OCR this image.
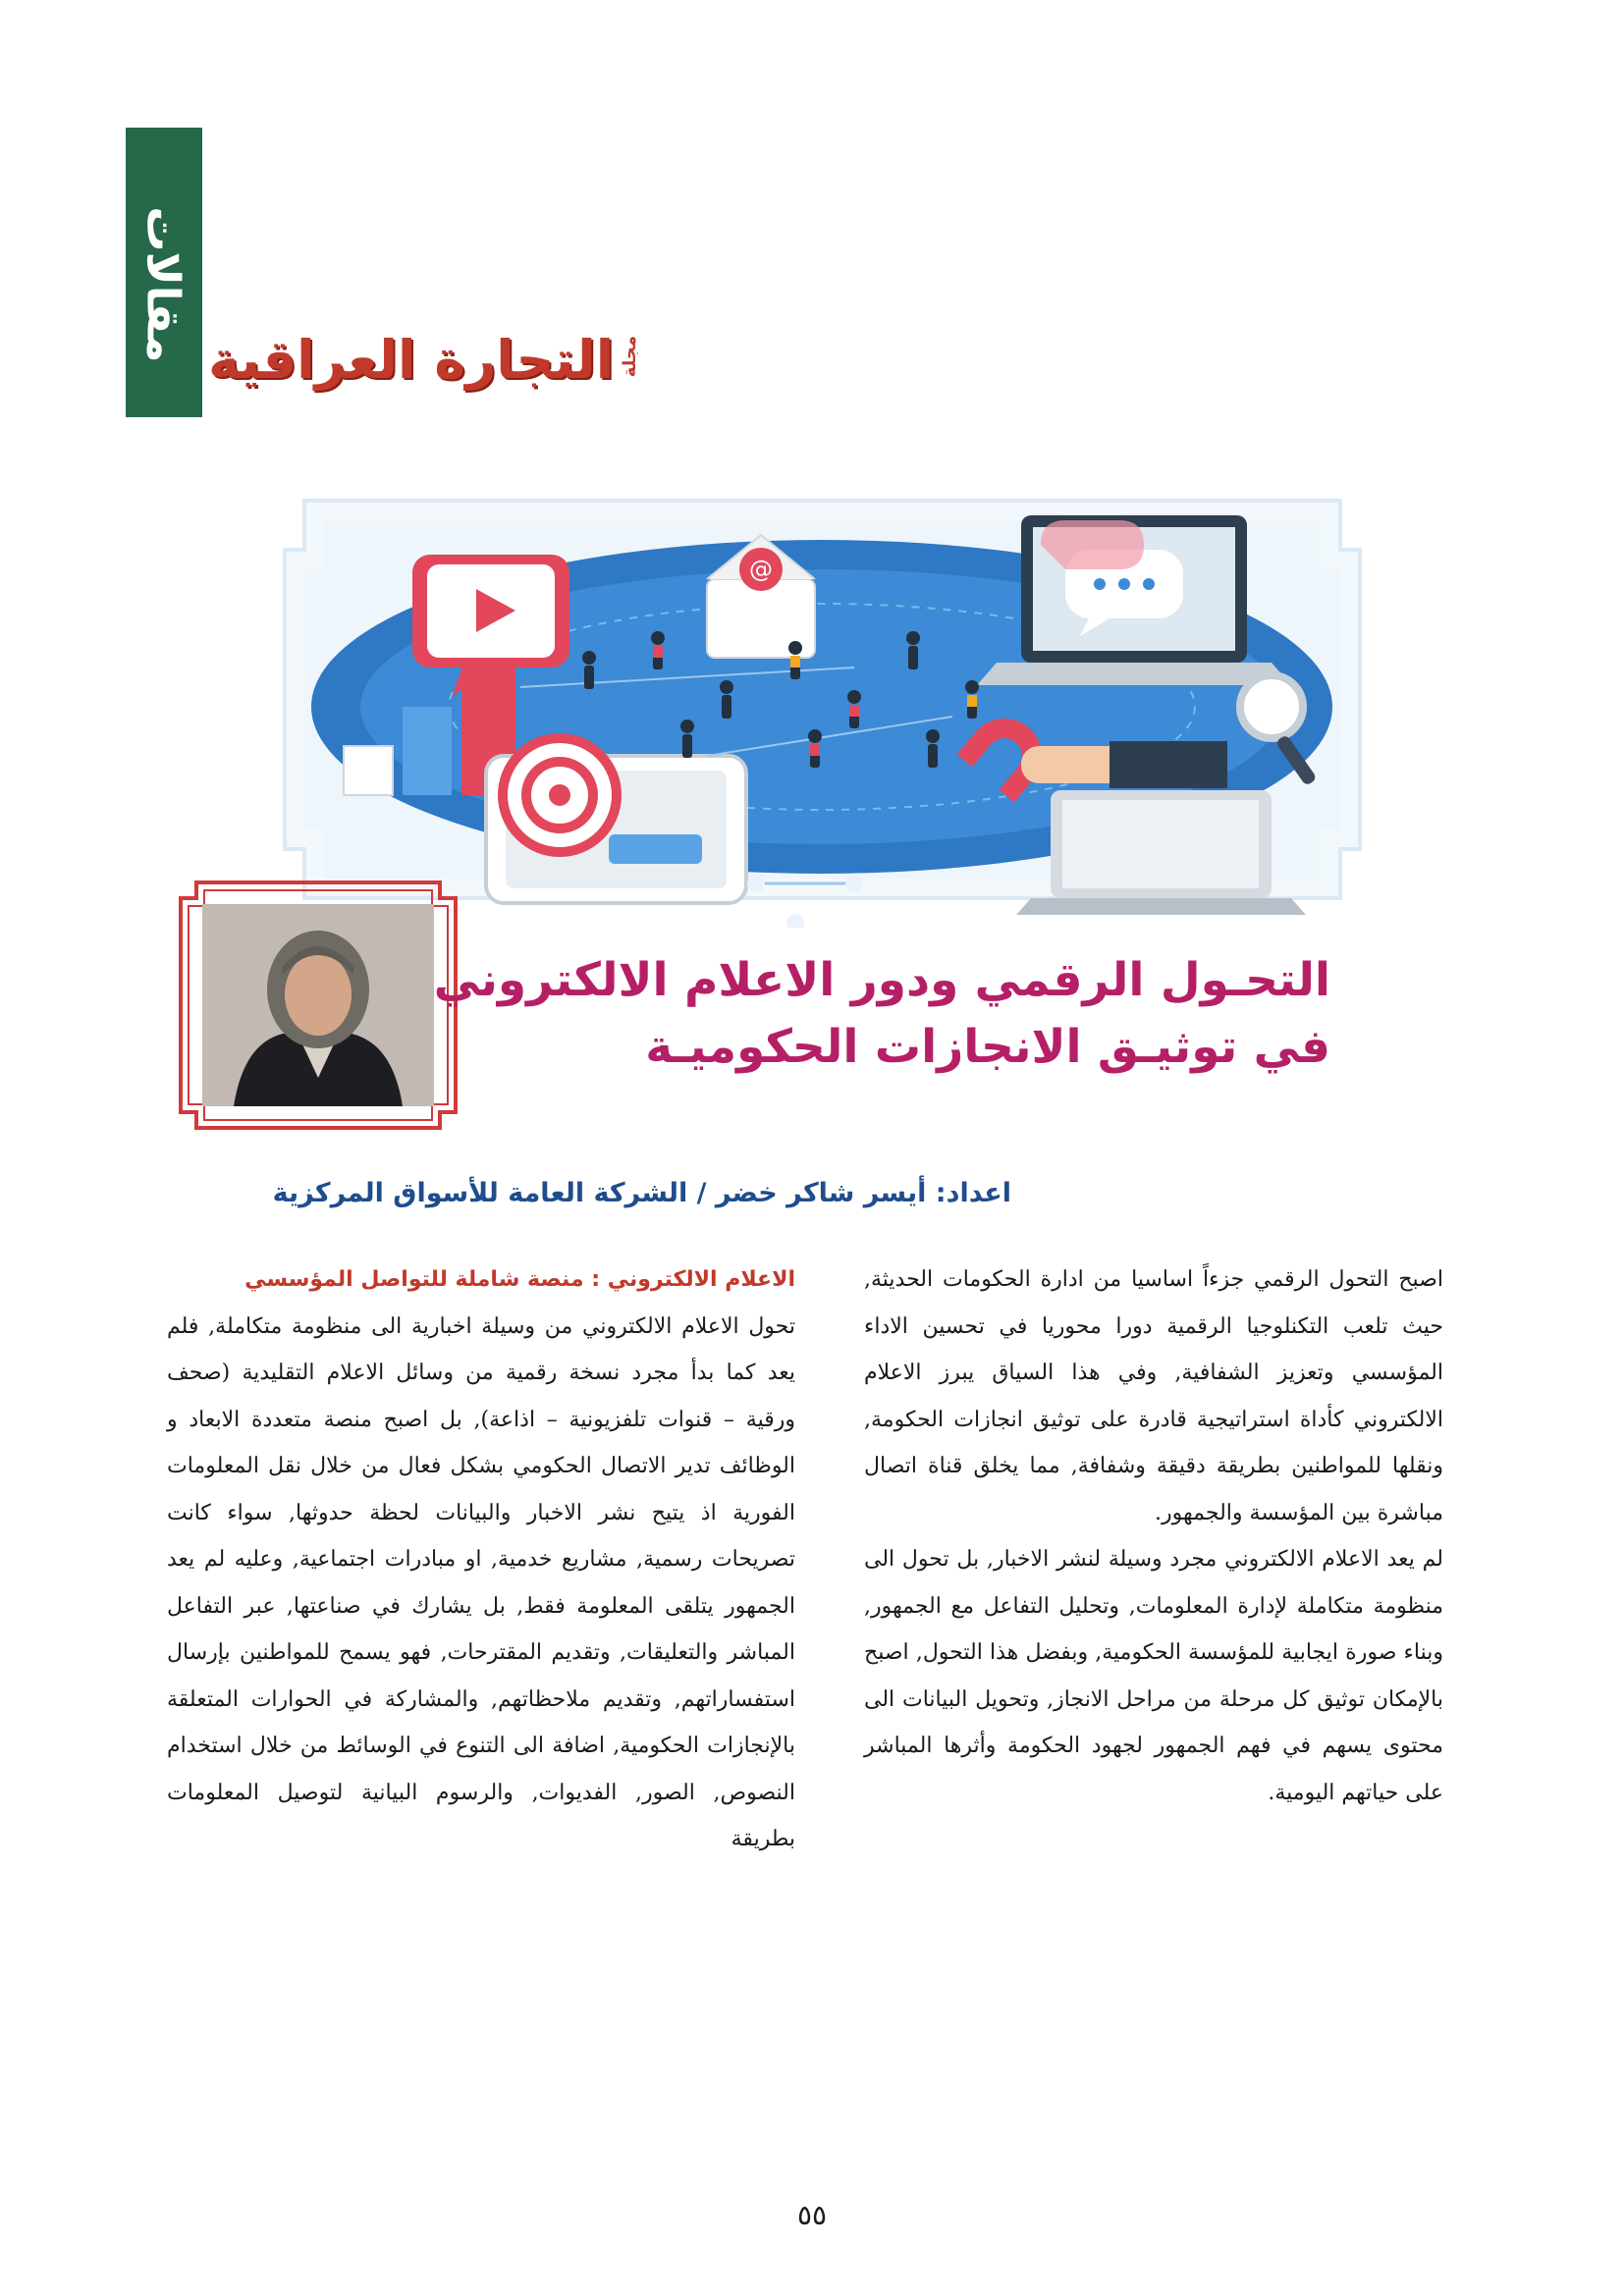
مقالات التجارة العراقية مجلة
@
التحـول الرقمي ودور الاعلام الالكتروني
في توثيـق الانجازات الحكوميـة
اعداد: أيسر شاكر خضر / الشركة العامة للأسواق المركزية

اصبح التحول الرقمي جزءاً اساسيا من ادارة الحكومات الحديثة, حيث تلعب التكنلوجيا الرقمية دورا محوريا في تحسين الاداء المؤسسي وتعزيز الشفافية, وفي هذا السياق يبرز الاعلام الالكتروني كأداة استراتيجية قادرة على توثيق انجازات الحكومة, ونقلها للمواطنين بطريقة دقيقة وشفافة, مما يخلق قناة اتصال مباشرة بين المؤسسة والجمهور.

لم يعد الاعلام الالكتروني مجرد وسيلة لنشر الاخبار, بل تحول الى منظومة متكاملة لإدارة المعلومات, وتحليل التفاعل مع الجمهور, وبناء صورة ايجابية للمؤسسة الحكومية, وبفضل هذا التحول, اصبح بالإمكان توثيق كل مرحلة من مراحل الانجاز, وتحويل البيانات الى محتوى يسهم في فهم الجمهور لجهود الحكومة وأثرها المباشر على حياتهم اليومية.

الاعلام الالكتروني : منصة شاملة للتواصل المؤسسي

تحول الاعلام الالكتروني من وسيلة اخبارية الى منظومة متكاملة, فلم يعد كما بدأ مجرد نسخة رقمية من وسائل الاعلام التقليدية (صحف ورقية – قنوات تلفزيونية – اذاعة), بل اصبح منصة متعددة الابعاد و الوظائف تدير الاتصال الحكومي بشكل فعال من خلال نقل المعلومات الفورية اذ يتيح نشر الاخبار والبيانات لحظة حدوثها, سواء كانت تصريحات رسمية, مشاريع خدمية, او مبادرات اجتماعية, وعليه لم يعد الجمهور يتلقى المعلومة فقط, بل يشارك في صناعتها, عبر التفاعل المباشر والتعليقات, وتقديم المقترحات, فهو يسمح للمواطنين بإرسال استفساراتهم, وتقديم ملاحظاتهم, والمشاركة في الحوارات المتعلقة بالإنجازات الحكومية, اضافة الى التنوع في الوسائط من خلال استخدام النصوص, الصور, الفديوات, والرسوم البيانية لتوصيل المعلومات بطريقة

٥٥
